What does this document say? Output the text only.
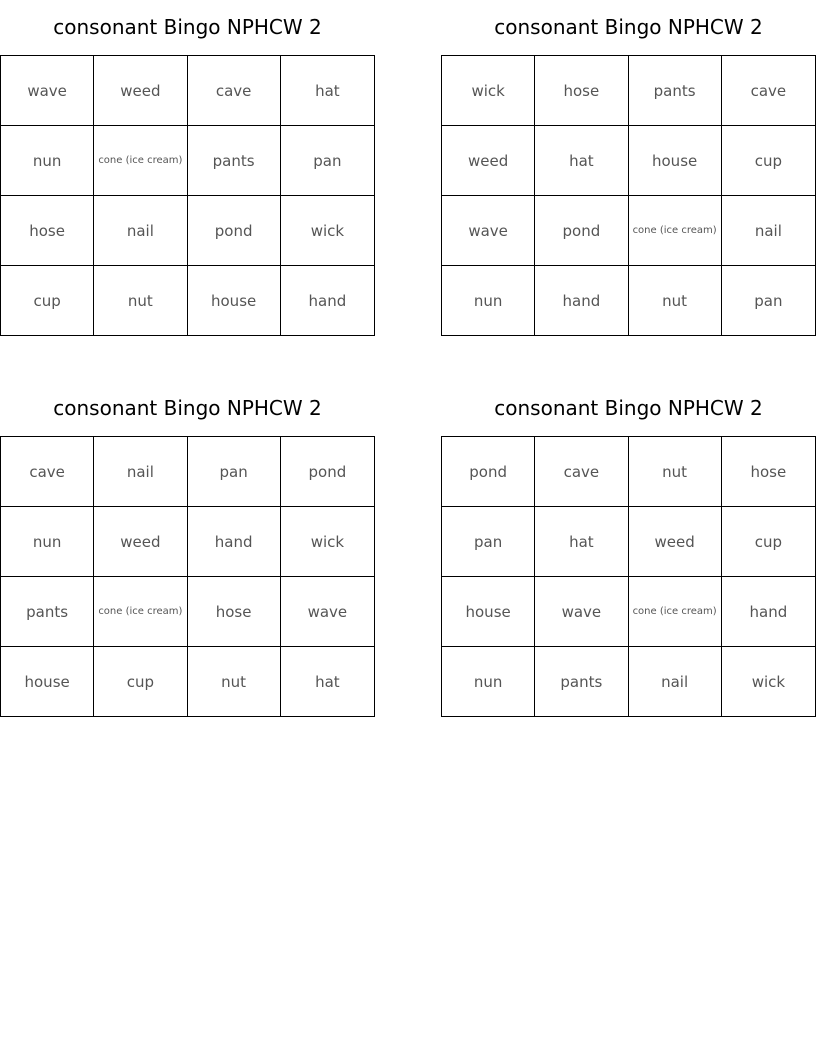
consonant Bingo NPHCW 2
wave	weed	cave	hat
nun	cone (ice cream)	pants	pan
hose	nail	pond	wick
cup	nut	house	hand
consonant Bingo NPHCW 2
wick	hose	pants	cave
weed	hat	house	cup
wave	pond	cone (ice cream)	nail
nun	hand	nut	pan
consonant Bingo NPHCW 2
cave	nail	pan	pond
nun	weed	hand	wick
pants	cone (ice cream)	hose	wave
house	cup	nut	hat
consonant Bingo NPHCW 2
pond	cave	nut	hose
pan	hat	weed	cup
house	wave	cone (ice cream)	hand
nun	pants	nail	wick
